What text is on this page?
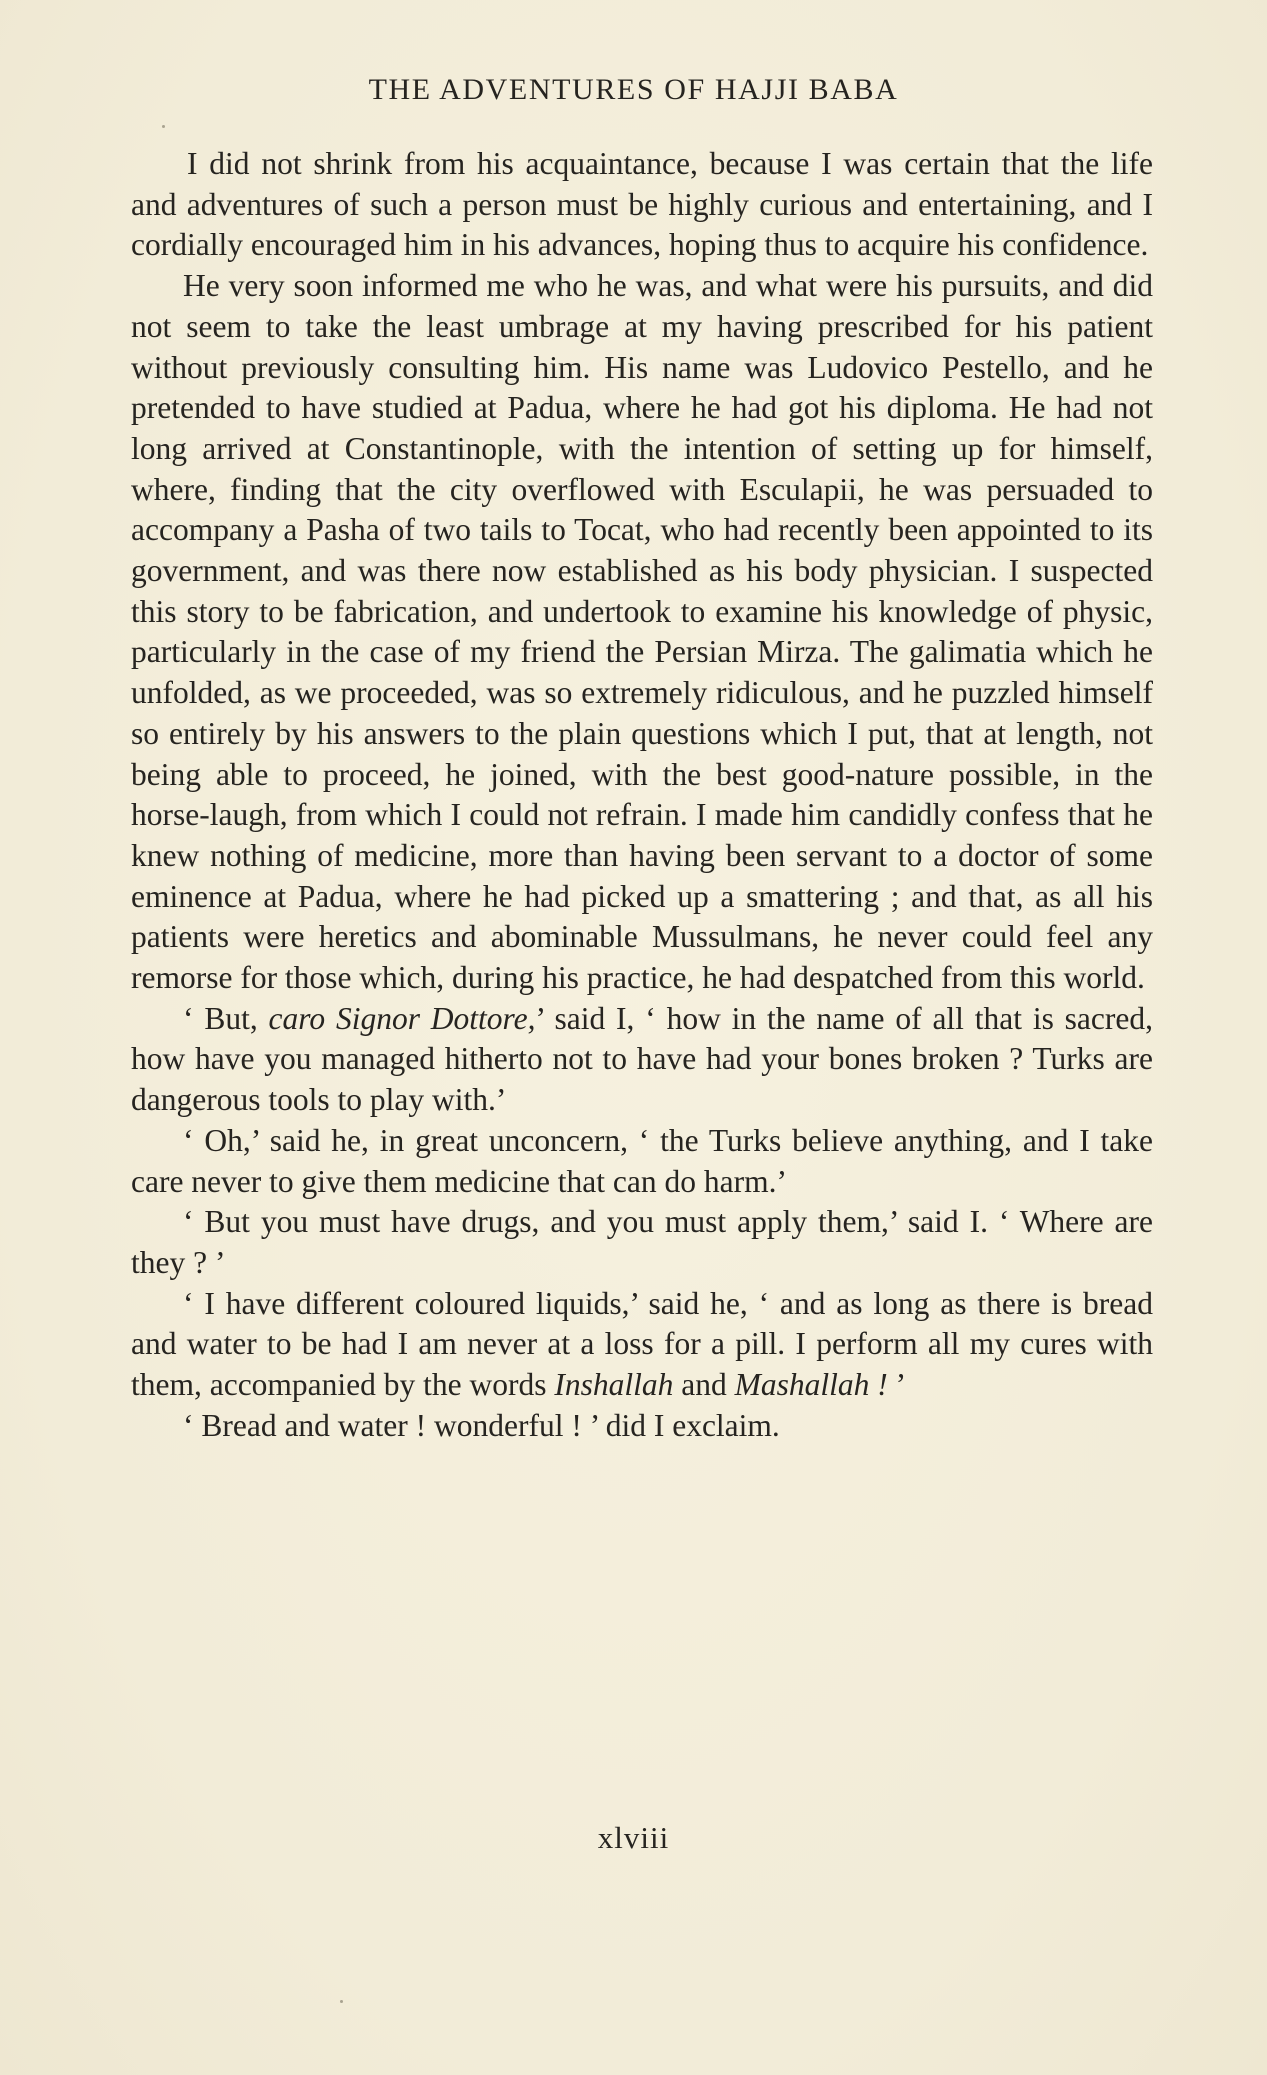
THE ADVENTURES OF HAJJI BABA

I did not shrink from his acquaintance, because I was certain that the life and adventures of such a person must be highly curious and entertaining, and I cordially encouraged him in his advances, hoping thus to acquire his confidence.

He very soon informed me who he was, and what were his pursuits, and did not seem to take the least umbrage at my having prescribed for his patient without previously consulting him. His name was Ludovico Pestello, and he pretended to have studied at Padua, where he had got his diploma. He had not long arrived at Constantinople, with the intention of setting up for himself, where, finding that the city overflowed with Esculapii, he was persuaded to accompany a Pasha of two tails to Tocat, who had recently been appointed to its government, and was there now established as his body physician. I suspected this story to be fabrication, and undertook to examine his knowledge of physic, particularly in the case of my friend the Persian Mirza. The galimatia which he unfolded, as we proceeded, was so extremely ridiculous, and he puzzled himself so entirely by his answers to the plain questions which I put, that at length, not being able to proceed, he joined, with the best good-nature possible, in the horse-laugh, from which I could not refrain. I made him candidly confess that he knew nothing of medicine, more than having been servant to a doctor of some eminence at Padua, where he had picked up a smattering ; and that, as all his patients were heretics and abominable Mussulmans, he never could feel any remorse for those which, during his practice, he had despatched from this world.

‘ But, caro Signor Dottore,’ said I, ‘ how in the name of all that is sacred, how have you managed hitherto not to have had your bones broken ? Turks are dangerous tools to play with.’

‘ Oh,’ said he, in great unconcern, ‘ the Turks believe anything, and I take care never to give them medicine that can do harm.’

‘ But you must have drugs, and you must apply them,’ said I. ‘ Where are they ? ’

‘ I have different coloured liquids,’ said he, ‘ and as long as there is bread and water to be had I am never at a loss for a pill. I perform all my cures with them, accompanied by the words Inshallah and Mashallah ! ’

‘ Bread and water ! wonderful ! ’ did I exclaim.

xlviii
